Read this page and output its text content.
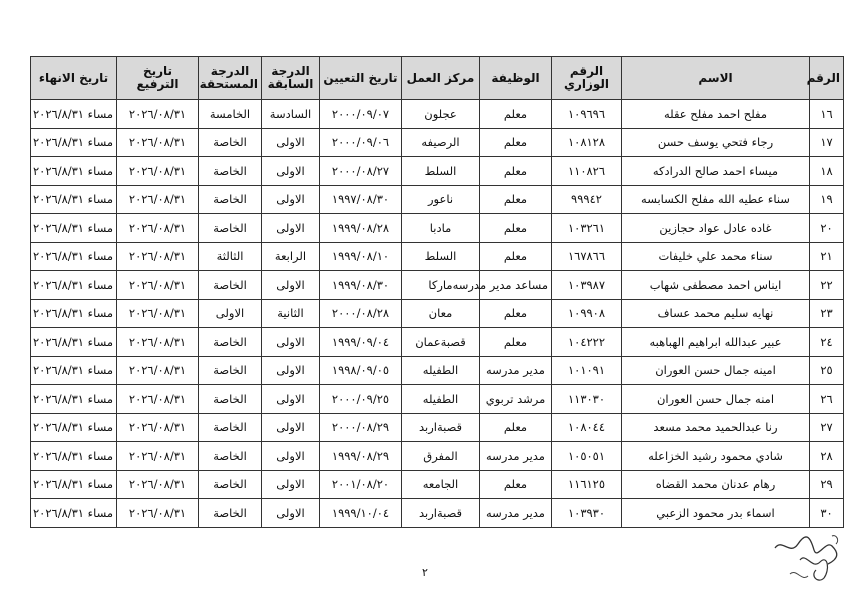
الرقم	الاسم	الرقم الوزاري	الوظيفة	مركز العمل	تاريخ التعيين	الدرجة السابقة	الدرجة المستحقة	تاريخ الترفيع	تاريخ الانهاء
١٦	مفلح احمد مفلح عقله	١٠٩٦٩٦	معلم	عجلون	٢٠٠٠/٠٩/٠٧	السادسة	الخامسة	٢٠٢٦/٠٨/٣١	مساء ٢٠٢٦/٨/٣١
١٧	رجاء فتحي يوسف حسن	١٠٨١٢٨	معلم	الرصيفه	٢٠٠٠/٠٩/٠٦	الاولى	الخاصة	٢٠٢٦/٠٨/٣١	مساء ٢٠٢٦/٨/٣١
١٨	ميساء احمد صالح الدرادكه	١١٠٨٢٦	معلم	السلط	٢٠٠٠/٠٨/٢٧	الاولى	الخاصة	٢٠٢٦/٠٨/٣١	مساء ٢٠٢٦/٨/٣١
١٩	سناء عطيه الله مفلح الكسابسه	٩٩٩٤٢	معلم	ناعور	١٩٩٧/٠٨/٣٠	الاولى	الخاصة	٢٠٢٦/٠٨/٣١	مساء ٢٠٢٦/٨/٣١
٢٠	غاده عادل عواد حجازين	١٠٣٢٦١	معلم	مادبا	١٩٩٩/٠٨/٢٨	الاولى	الخاصة	٢٠٢٦/٠٨/٣١	مساء ٢٠٢٦/٨/٣١
٢١	سناء محمد علي خليفات	١٦٧٨٦٦	معلم	السلط	١٩٩٩/٠٨/١٠	الرابعة	الثالثة	٢٠٢٦/٠٨/٣١	مساء ٢٠٢٦/٨/٣١
٢٢	ايناس احمد مصطفى شهاب	١٠٣٩٨٧	مساعد مدير مدرسه	ماركا	١٩٩٩/٠٨/٣٠	الاولى	الخاصة	٢٠٢٦/٠٨/٣١	مساء ٢٠٢٦/٨/٣١
٢٣	نهايه سليم محمد عساف	١٠٩٩٠٨	معلم	معان	٢٠٠٠/٠٨/٢٨	الثانية	الاولى	٢٠٢٦/٠٨/٣١	مساء ٢٠٢٦/٨/٣١
٢٤	عبير عبدالله ابراهيم الهباهبه	١٠٤٢٢٢	معلم	قصبةعمان	١٩٩٩/٠٩/٠٤	الاولى	الخاصة	٢٠٢٦/٠٨/٣١	مساء ٢٠٢٦/٨/٣١
٢٥	امينه جمال حسن العوران	١٠١٠٩١	مدير مدرسه	الطفيله	١٩٩٨/٠٩/٠٥	الاولى	الخاصة	٢٠٢٦/٠٨/٣١	مساء ٢٠٢٦/٨/٣١
٢٦	امنه جمال حسن العوران	١١٣٠٣٠	مرشد تربوي	الطفيله	٢٠٠٠/٠٩/٢٥	الاولى	الخاصة	٢٠٢٦/٠٨/٣١	مساء ٢٠٢٦/٨/٣١
٢٧	رنا عبدالحميد محمد مسعد	١٠٨٠٤٤	معلم	قصبةاربد	٢٠٠٠/٠٨/٢٩	الاولى	الخاصة	٢٠٢٦/٠٨/٣١	مساء ٢٠٢٦/٨/٣١
٢٨	شادي محمود رشيد الخزاعله	١٠٥٠٥١	مدير مدرسه	المفرق	١٩٩٩/٠٨/٢٩	الاولى	الخاصة	٢٠٢٦/٠٨/٣١	مساء ٢٠٢٦/٨/٣١
٢٩	رهام عدنان محمد القضاه	١١٦١٢٥	معلم	الجامعه	٢٠٠١/٠٨/٢٠	الاولى	الخاصة	٢٠٢٦/٠٨/٣١	مساء ٢٠٢٦/٨/٣١
٣٠	اسماء بدر محمود الزعبي	١٠٣٩٣٠	مدير مدرسه	قصبةاربد	١٩٩٩/١٠/٠٤	الاولى	الخاصة	٢٠٢٦/٠٨/٣١	مساء ٢٠٢٦/٨/٣١
٢
